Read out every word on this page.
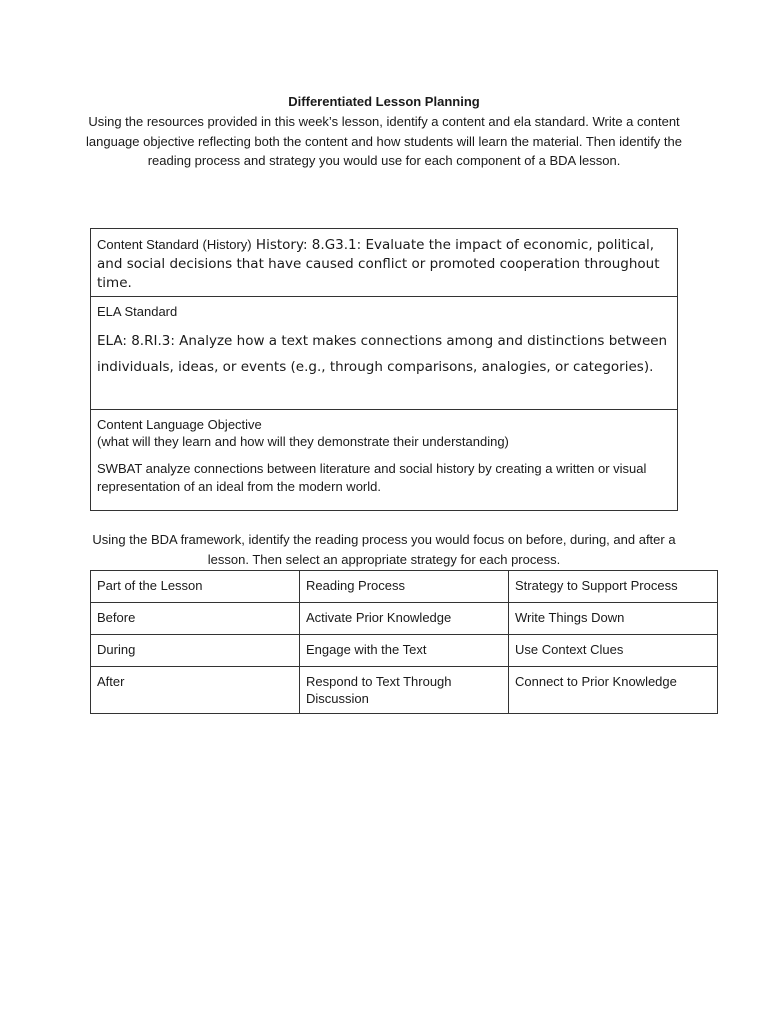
Differentiated Lesson Planning
Using the resources provided in this week’s lesson, identify a content and ela standard. Write a content language objective reflecting both the content and how students will learn the material. Then identify the reading process and strategy you would use for each component of a BDA lesson.
Content Standard (History) History: 8.G3.1: Evaluate the impact of economic, political, and social decisions that have caused conflict or promoted cooperation throughout time.

ELA Standard
ELA: 8.RI.3: Analyze how a text makes connections among and distinctions between individuals, ideas, or events (e.g., through comparisons, analogies, or categories).

Content Language Objective
(what will they learn and how will they demonstrate their understanding)
SWBAT analyze connections between literature and social history by creating a written or visual representation of an ideal from the modern world.
Using the BDA framework, identify the reading process you would focus on before, during, and after a lesson. Then select an appropriate strategy for each process.
Part of the Lesson	Reading Process	Strategy to Support Process
Before	Activate Prior Knowledge	Write Things Down
During	Engage with the Text	Use Context Clues
After	Respond to Text Through Discussion	Connect to Prior Knowledge
